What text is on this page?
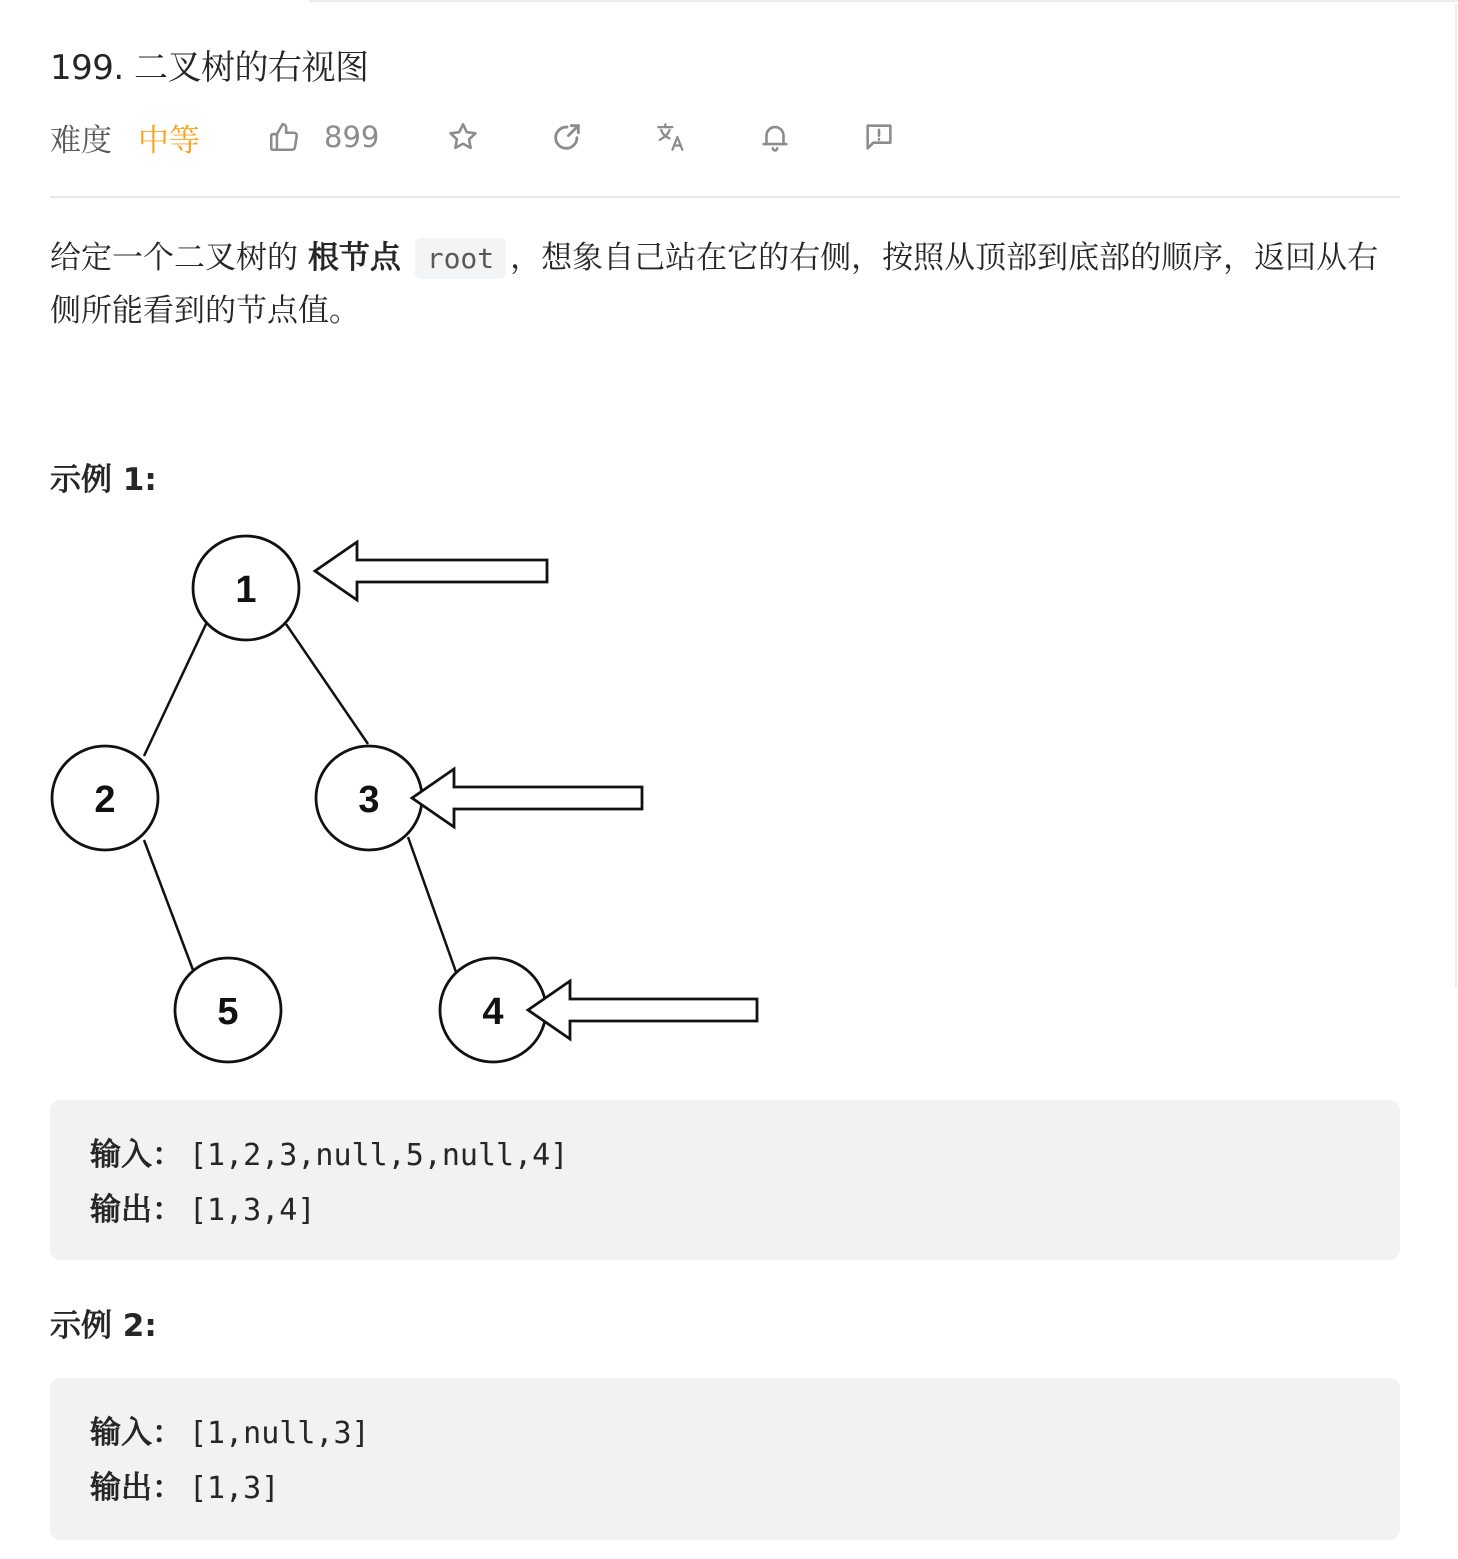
199. 二叉树的右视图
难度 中等	899

给定一个二叉树的 根节点 root ，想象自己站在它的右侧，按照从顶部到底部的顺序，返回从右侧所能看到的节点值。

示例 1:
1
2	3
5	4
输入： [1,2,3,null,5,null,4]
输出： [1,3,4]
示例 2:
输入： [1,null,3]
输出： [1,3]
